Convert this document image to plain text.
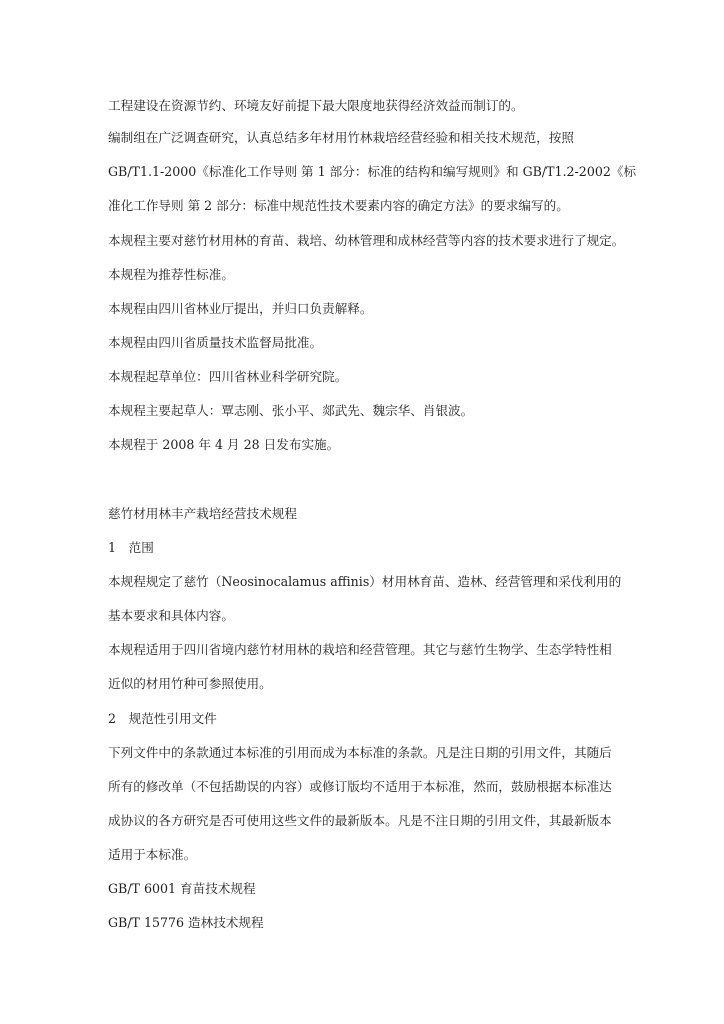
工程建设在资源节约、环境友好前提下最大限度地获得经济效益而制订的。
编制组在广泛调查研究，认真总结多年材用竹林栽培经营经验和相关技术规范，按照
GB/T1.1-2000《标准化工作导则 第 1 部分：标准的结构和编写规则》和 GB/T1.2-2002《标
准化工作导则 第 2 部分：标准中规范性技术要素内容的确定方法》的要求编写的。
本规程主要对慈竹材用林的育苗、栽培、幼林管理和成林经营等内容的技术要求进行了规定。
本规程为推荐性标准。
本规程由四川省林业厅提出，并归口负责解释。
本规程由四川省质量技术监督局批准。
本规程起草单位：四川省林业科学研究院。
本规程主要起草人：覃志刚、张小平、郯武先、魏宗华、肖银波。
本规程于 2008 年 4 月 28 日发布实施。
慈竹材用林丰产栽培经营技术规程
1　范围
本规程规定了慈竹（Neosinocalamus affinis）材用林育苗、造林、经营管理和采伐利用的
基本要求和具体内容。
本规程适用于四川省境内慈竹材用林的栽培和经营管理。其它与慈竹生物学、生态学特性相
近似的材用竹种可参照使用。
2　规范性引用文件
下列文件中的条款通过本标准的引用而成为本标准的条款。凡是注日期的引用文件，其随后
所有的修改单（不包括勘误的内容）或修订版均不适用于本标准，然而，鼓励根据本标准达
成协议的各方研究是否可使用这些文件的最新版本。凡是不注日期的引用文件，其最新版本
适用于本标准。
GB/T 6001 育苗技术规程
GB/T 15776 造林技术规程
